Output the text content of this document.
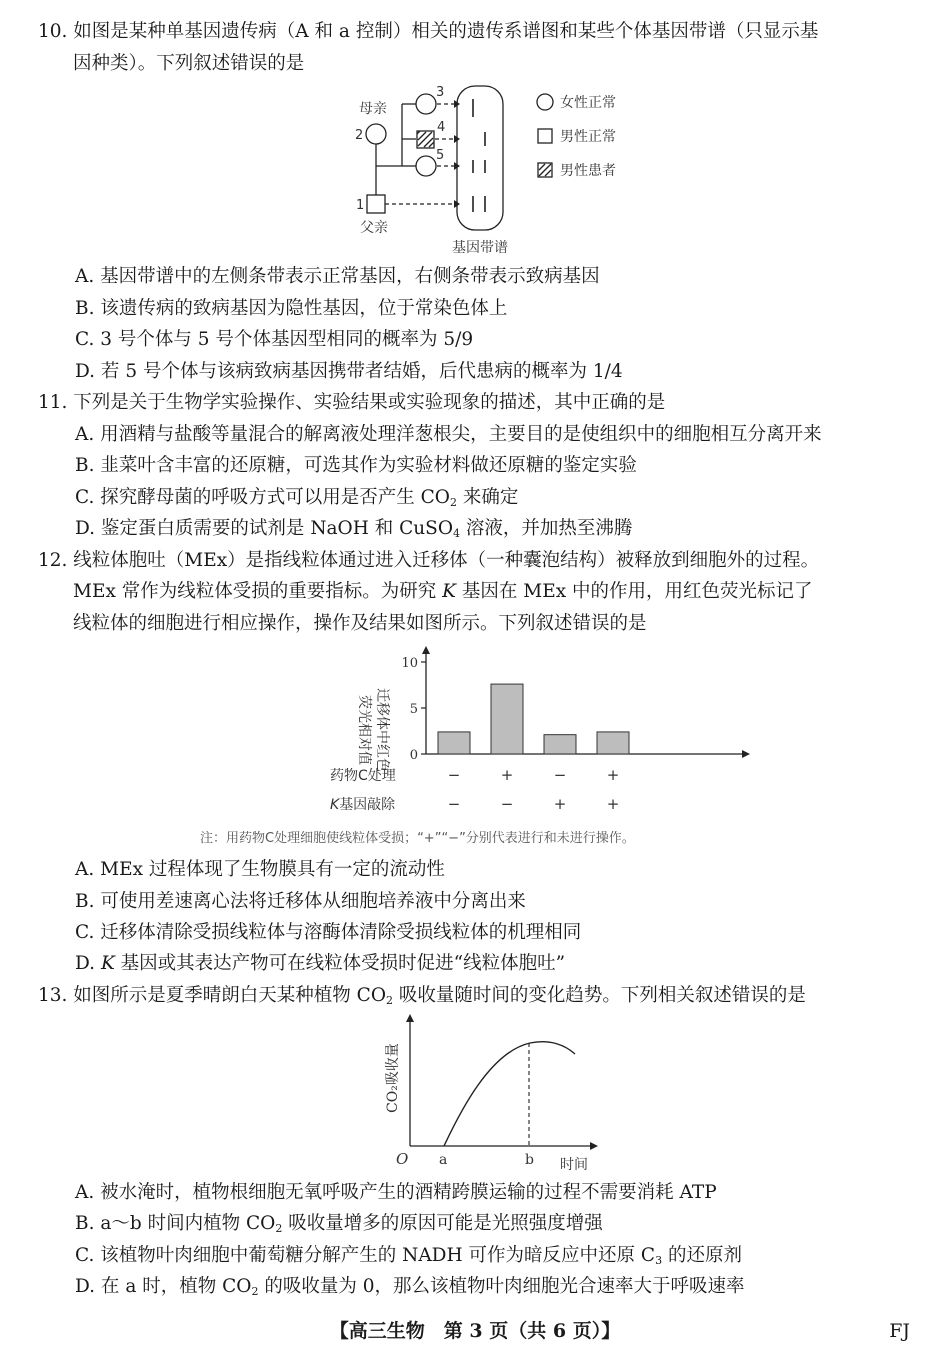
10. 如图是某种单基因遗传病（A 和 a 控制）相关的遗传系谱图和某些个体基因带谱（只显示基
因种类）。下列叙述错误的是
母亲
2
1
父亲
3
4
5
基因带谱
女性正常
男性正常
男性患者
A. 基因带谱中的左侧条带表示正常基因，右侧条带表示致病基因
B. 该遗传病的致病基因为隐性基因，位于常染色体上
C. 3 号个体与 5 号个体基因型相同的概率为 5/9
D. 若 5 号个体与该病致病基因携带者结婚，后代患病的概率为 1/4
11. 下列是关于生物学实验操作、实验结果或实验现象的描述，其中正确的是
A. 用酒精与盐酸等量混合的解离液处理洋葱根尖，主要目的是使组织中的细胞相互分离开来
B. 韭菜叶含丰富的还原糖，可选其作为实验材料做还原糖的鉴定实验
C. 探究酵母菌的呼吸方式可以用是否产生 $CO_2$ 来确定
D. 鉴定蛋白质需要的试剂是 NaOH 和 CuSO$_4$ 溶液，并加热至沸腾
12. 线粒体胞吐（MEx）是指线粒体通过进入迁移体（一种囊泡结构）被释放到细胞外的过程。
MEx 常作为线粒体受损的重要指标。为研究 K 基因在 MEx 中的作用，用红色荧光标记了
线粒体的细胞进行相应操作，操作及结果如图所示。下列叙述错误的是
迁移体中红色
荧光相对值	0
5
10
−	+	−	+
−	−	+	+
药物C处理
K基因敲除
注：用药物C处理细胞使线粒体受损；“+”“−”分别代表进行和未进行操作。
A. MEx 过程体现了生物膜具有一定的流动性
B. 可使用差速离心法将迁移体从细胞培养液中分离出来
C. 迁移体清除受损线粒体与溶酶体清除受损线粒体的机理相同
D. K 基因或其表达产物可在线粒体受损时促进“线粒体胞吐”
13. 如图所示是夏季晴朗白天某种植物 $CO_2$ 吸收量随时间的变化趋势。下列相关叙述错误的是
CO₂吸收量
O a	b 时间
A. 被水淹时，植物根细胞无氧呼吸产生的酒精跨膜运输的过程不需要消耗 ATP
B. a～b 时间内植物 $CO_2$ 吸收量增多的原因可能是光照强度增强
C. 该植物叶肉细胞中葡萄糖分解产生的 NADH 可作为暗反应中还原 $C_3$ 的还原剂
D. 在 a 时，植物 $CO_2$ 的吸收量为 0，那么该植物叶肉细胞光合速率大于呼吸速率
【高三生物　第 3 页（共 6 页）】	FJ
